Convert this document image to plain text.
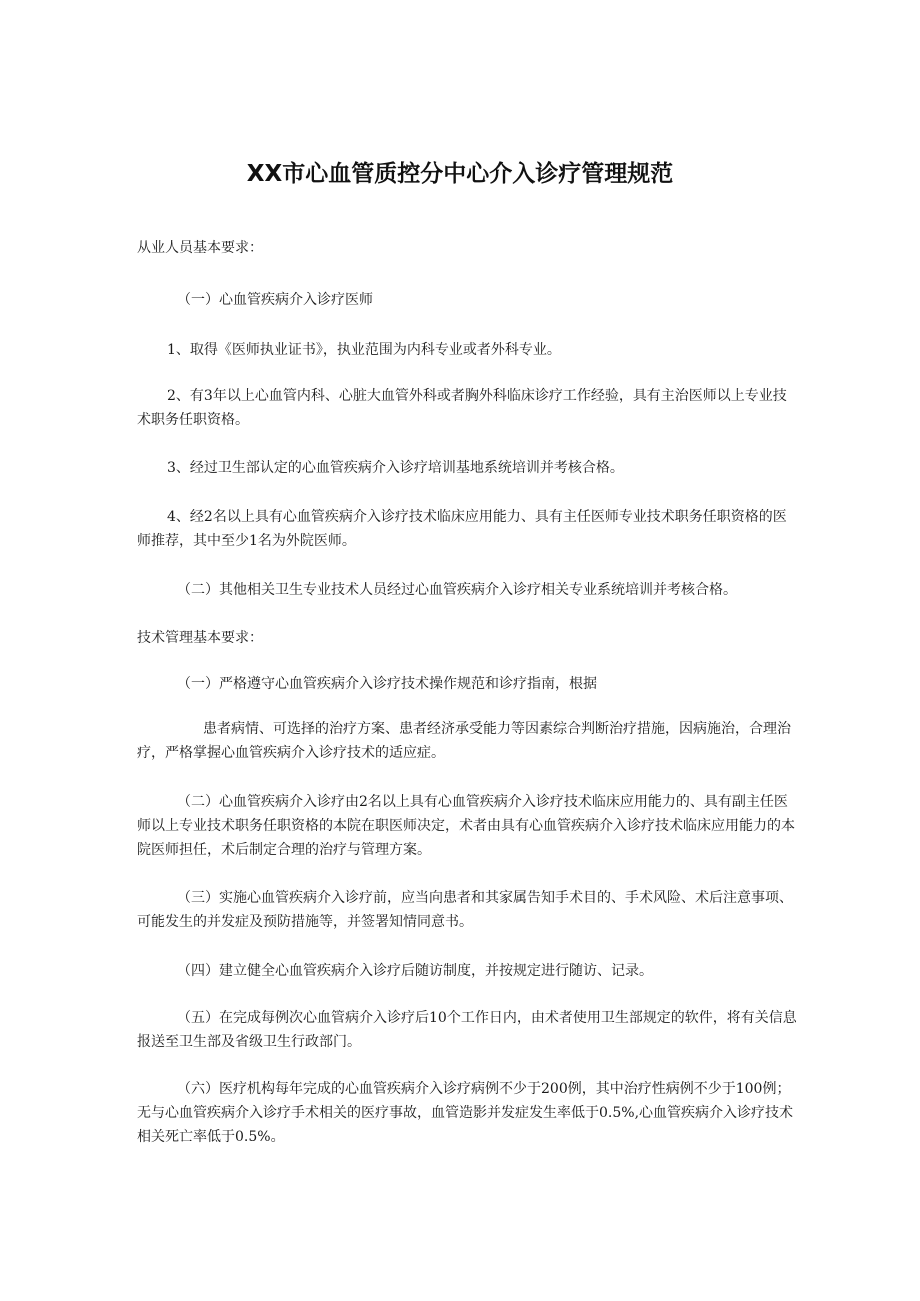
XX市心血管质控分中心介入诊疗管理规范

从业人员基本要求：

（一）心血管疾病介入诊疗医师

1、取得《医师执业证书》，执业范围为内科专业或者外科专业。

2、有3年以上心血管内科、心脏大血管外科或者胸外科临床诊疗工作经验，具有主治医师以上专业技术职务任职资格。

3、经过卫生部认定的心血管疾病介入诊疗培训基地系统培训并考核合格。

4、经2名以上具有心血管疾病介入诊疗技术临床应用能力、具有主任医师专业技术职务任职资格的医师推荐，其中至少1名为外院医师。

（二）其他相关卫生专业技术人员经过心血管疾病介入诊疗相关专业系统培训并考核合格。

技术管理基本要求：

（一）严格遵守心血管疾病介入诊疗技术操作规范和诊疗指南，根据

患者病情、可选择的治疗方案、患者经济承受能力等因素综合判断治疗措施，因病施治，合理治疗，严格掌握心血管疾病介入诊疗技术的适应症。

（二）心血管疾病介入诊疗由2名以上具有心血管疾病介入诊疗技术临床应用能力的、具有副主任医师以上专业技术职务任职资格的本院在职医师决定，术者由具有心血管疾病介入诊疗技术临床应用能力的本院医师担任，术后制定合理的治疗与管理方案。

（三）实施心血管疾病介入诊疗前，应当向患者和其家属告知手术目的、手术风险、术后注意事项、可能发生的并发症及预防措施等，并签署知情同意书。

（四）建立健全心血管疾病介入诊疗后随访制度，并按规定进行随访、记录。

（五）在完成每例次心血管病介入诊疗后10个工作日内，由术者使用卫生部规定的软件，将有关信息报送至卫生部及省级卫生行政部门。

（六）医疗机构每年完成的心血管疾病介入诊疗病例不少于200例，其中治疗性病例不少于100例；无与心血管疾病介入诊疗手术相关的医疗事故，血管造影并发症发生率低于0.5%,心血管疾病介入诊疗技术相关死亡率低于0.5%。
